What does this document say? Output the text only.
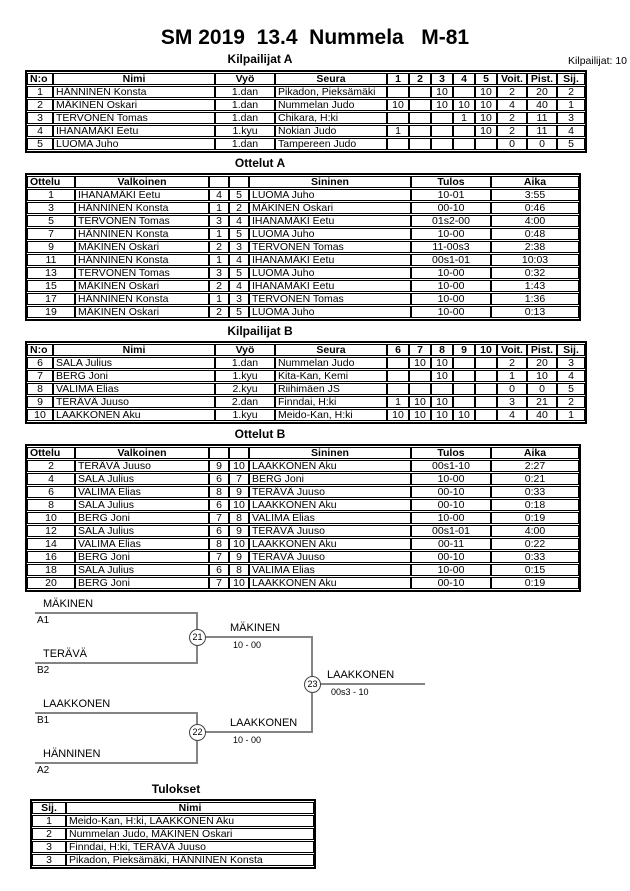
SM 2019  13.4  Nummela   M-81
Kilpailijat A	Kilpailijat: 10
N:o	Nimi	Vyö	Seura	1	2	3	4	5	Voit.	Pist.	Sij.
1	HÄNNINEN Konsta	1.dan	Pikadon, Pieksämäki			10		10	2	20	2
2	MÄKINEN Oskari	1.dan	Nummelan Judo	10		10	10	10	4	40	1
3	TERVONEN Tomas	1.dan	Chikara, H:ki				1	10	2	11	3
4	IHANAMÄKI Eetu	1.kyu	Nokian Judo	1				10	2	11	4
5	LUOMA Juho	1.dan	Tampereen Judo						0	0	5
Ottelut A
Ottelu	Valkoinen			Sininen	Tulos	Aika
1	IHANAMÄKI Eetu	4	5	LUOMA Juho	10-01	3:55
3	HÄNNINEN Konsta	1	2	MÄKINEN Oskari	00-10	0:46
5	TERVONEN Tomas	3	4	IHANAMÄKI Eetu	01s2-00	4:00
7	HÄNNINEN Konsta	1	5	LUOMA Juho	10-00	0:48
9	MÄKINEN Oskari	2	3	TERVONEN Tomas	11-00s3	2:38
11	HÄNNINEN Konsta	1	4	IHANAMÄKI Eetu	00s1-01	10:03
13	TERVONEN Tomas	3	5	LUOMA Juho	10-00	0:32
15	MÄKINEN Oskari	2	4	IHANAMÄKI Eetu	10-00	1:43
17	HÄNNINEN Konsta	1	3	TERVONEN Tomas	10-00	1:36
19	MÄKINEN Oskari	2	5	LUOMA Juho	10-00	0:13
Kilpailijat B
N:o	Nimi	Vyö	Seura	6	7	8	9	10	Voit.	Pist.	Sij.
6	SALA Julius	1.dan	Nummelan Judo		10	10			2	20	3
7	BERG Joni	1.kyu	Kita-Kan, Kemi			10			1	10	4
8	VALIMA Elias	2.kyu	Riihimäen JS						0	0	5
9	TERÄVÄ Juuso	2.dan	Finndai, H:ki	1	10	10			3	21	2
10	LAAKKONEN Aku	1.kyu	Meido-Kan, H:ki	10	10	10	10		4	40	1
Ottelut B
Ottelu	Valkoinen			Sininen	Tulos	Aika
2	TERÄVÄ Juuso	9	10	LAAKKONEN Aku	00s1-10	2:27
4	SALA Julius	6	7	BERG Joni	10-00	0:21
6	VALIMA Elias	8	9	TERÄVÄ Juuso	00-10	0:33
8	SALA Julius	6	10	LAAKKONEN Aku	00-10	0:18
10	BERG Joni	7	8	VALIMA Elias	10-00	0:19
12	SALA Julius	6	9	TERÄVÄ Juuso	00s1-01	4:00
14	VALIMA Elias	8	10	LAAKKONEN Aku	00-11	0:22
16	BERG Joni	7	9	TERÄVÄ Juuso	00-10	0:33
18	SALA Julius	6	8	VALIMA Elias	10-00	0:15
20	BERG Joni	7	10	LAAKKONEN Aku	00-10	0:19
MÄKINEN
A1
TERÄVÄ
B2
21
MÄKINEN
10 - 00
LAAKKONEN
B1
HÄNNINEN
A2
22
LAAKKONEN
10 - 00
23
LAAKKONEN
00s3 - 10
Tulokset
Sij.	Nimi
1	Meido-Kan, H:ki, LAAKKONEN Aku
2	Nummelan Judo, MÄKINEN Oskari
3	Finndai, H:ki, TERÄVÄ Juuso
3	Pikadon, Pieksämäki, HÄNNINEN Konsta
